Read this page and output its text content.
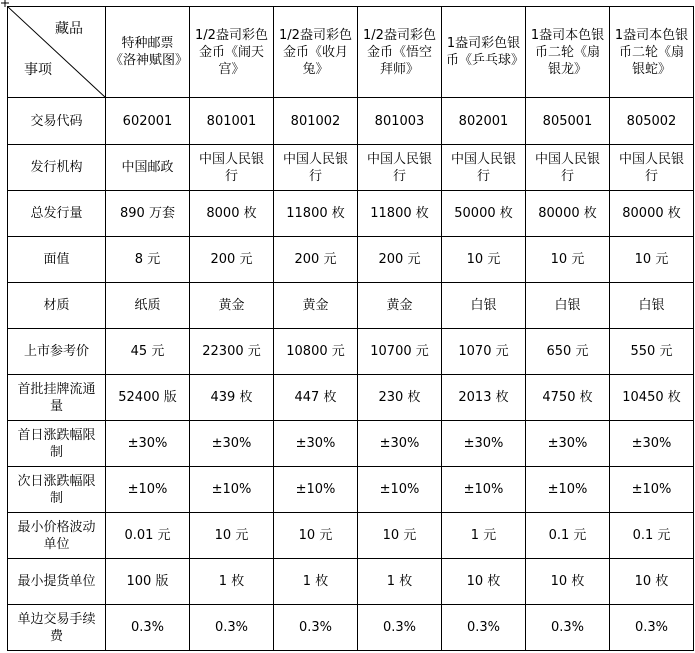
藏品
事项	特种邮票《洛神赋图》	1/2盎司彩色金币《闹天宫》	1/2盎司彩色金币《收月兔》	1/2盎司彩色金币《悟空拜师》	1盎司彩色银币《乒乓球》	1盎司本色银币二轮《扇银龙》	1盎司本色银币二轮《扇银蛇》
交易代码	602001	801001	801002	801003	802001	805001	805002
发行机构	中国邮政	中国人民银行	中国人民银行	中国人民银行	中国人民银行	中国人民银行	中国人民银行
总发行量	890 万套	8000 枚	11800 枚	11800 枚	50000 枚	80000 枚	80000 枚
面值	8 元	200 元	200 元	200 元	10 元	10 元	10 元
材质	纸质	黄金	黄金	黄金	白银	白银	白银
上市参考价	45 元	22300 元	10800 元	10700 元	1070 元	650 元	550 元
首批挂牌流通量	52400 版	439 枚	447 枚	230 枚	2013 枚	4750 枚	10450 枚
首日涨跌幅限制	±30%	±30%	±30%	±30%	±30%	±30%	±30%
次日涨跌幅限制	±10%	±10%	±10%	±10%	±10%	±10%	±10%
最小价格波动单位	0.01 元	10 元	10 元	10 元	1 元	0.1 元	0.1 元
最小提货单位	100 版	1 枚	1 枚	1 枚	10 枚	10 枚	10 枚
单边交易手续费	0.3%	0.3%	0.3%	0.3%	0.3%	0.3%	0.3%
